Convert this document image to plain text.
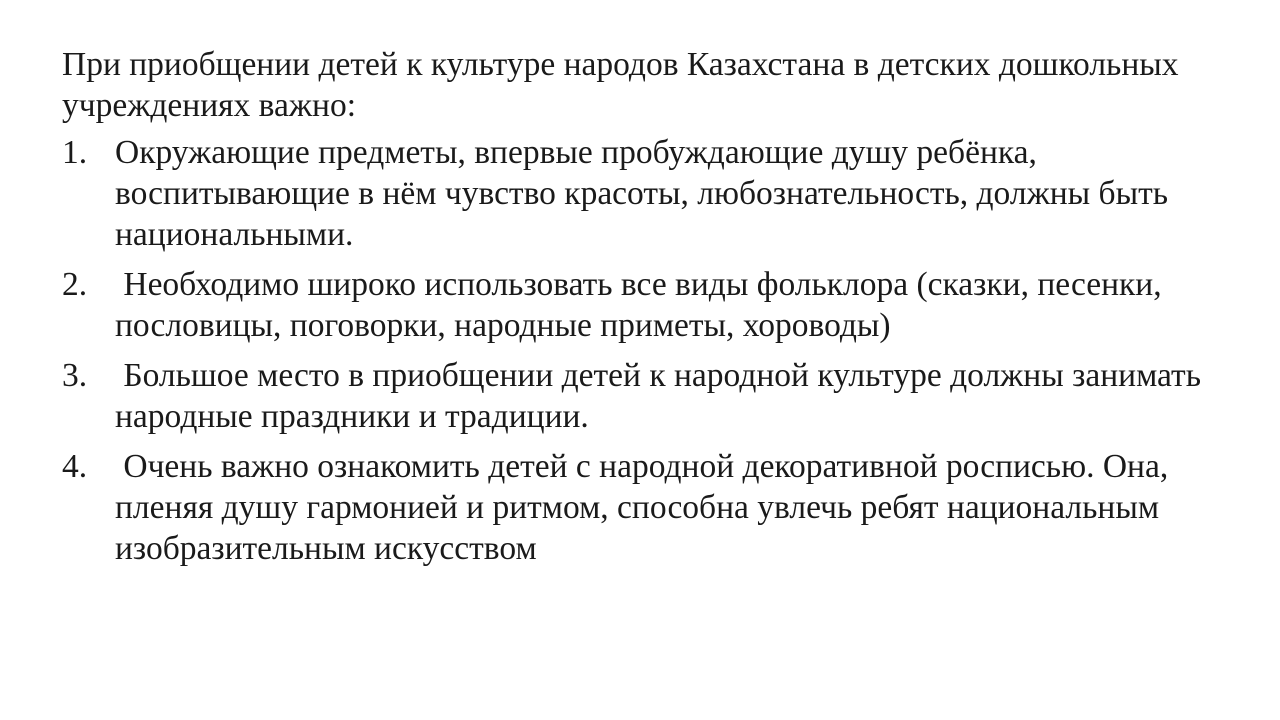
При приобщении детей к культуре народов Казахстана в детских дошкольных учреждениях важно:

1. Окружающие предметы, впервые пробуждающие душу ребёнка, воспитывающие в нём чувство красоты, любознательность, должны быть национальными.
2. Необходимо широко использовать все виды фольклора (сказки, песенки, пословицы, поговорки, народные приметы, хороводы)
3. Большое место в приобщении детей к народной культуре должны занимать народные праздники и традиции.
4. Очень важно ознакомить детей с народной декоративной росписью. Она, пленяя душу гармонией и ритмом, способна увлечь ребят национальным изобразительным искусством
